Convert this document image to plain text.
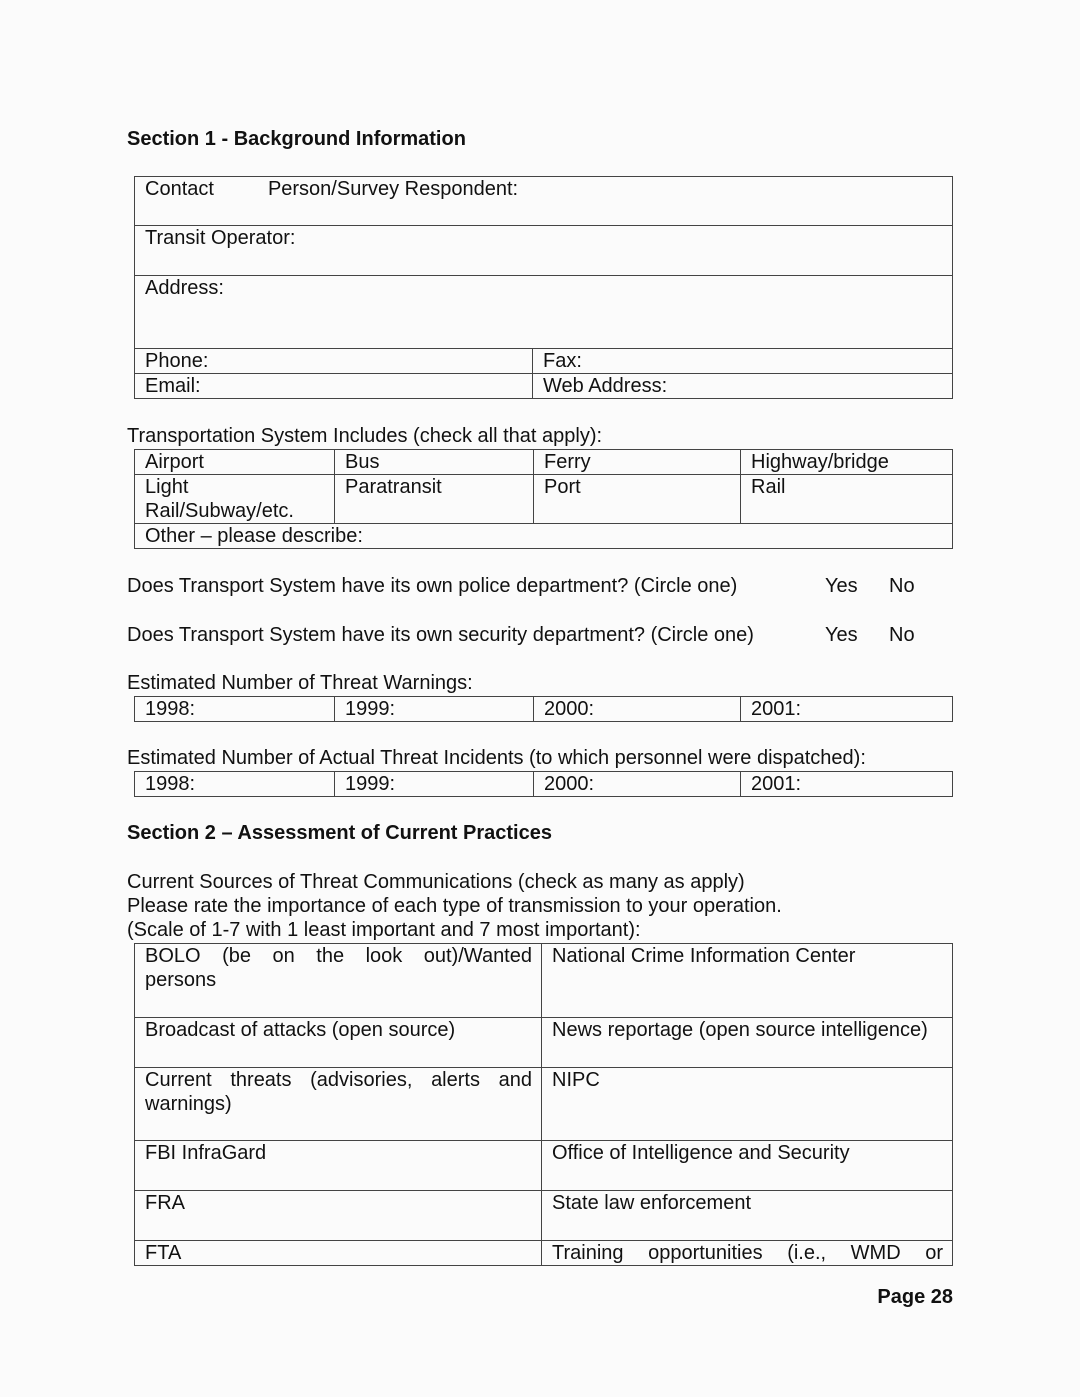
Section 1 - Background Information
Contact Person/Survey Respondent:	
Transit Operator:	
Address:	
Phone:	Fax:
Email:	Web Address:
Transportation System Includes (check all that apply):
Airport	Bus	Ferry	Highway/bridge

Light
Rail/Subway/etc.	Paratransit	Port	Rail
Other – please describe:			
Does Transport System have its own police department? (Circle one)	Yes No
Does Transport System have its own security department? (Circle one)	Yes No
Estimated Number of Threat Warnings:
1998:	1999:	2000:	2001:
Estimated Number of Actual Threat Incidents (to which personnel were dispatched):
1998:	1999:	2000:	2001:
Section 2 – Assessment of Current Practices
Current Sources of Threat Communications (check as many as apply)
Please rate the importance of each type of transmission to your operation.
(Scale of 1-7 with 1 least important and 7 most important):
BOLO (be on the look out)/Wanted
persons	National Crime Information Center
Broadcast of attacks (open source)	News reportage (open source intelligence)

Current threats (advisories, alerts and
warnings)	NIPC
FBI InfraGard	Office of Intelligence and Security
FRA	State law enforcement
FTA	Training opportunities (i.e., WMD or
Page 28
